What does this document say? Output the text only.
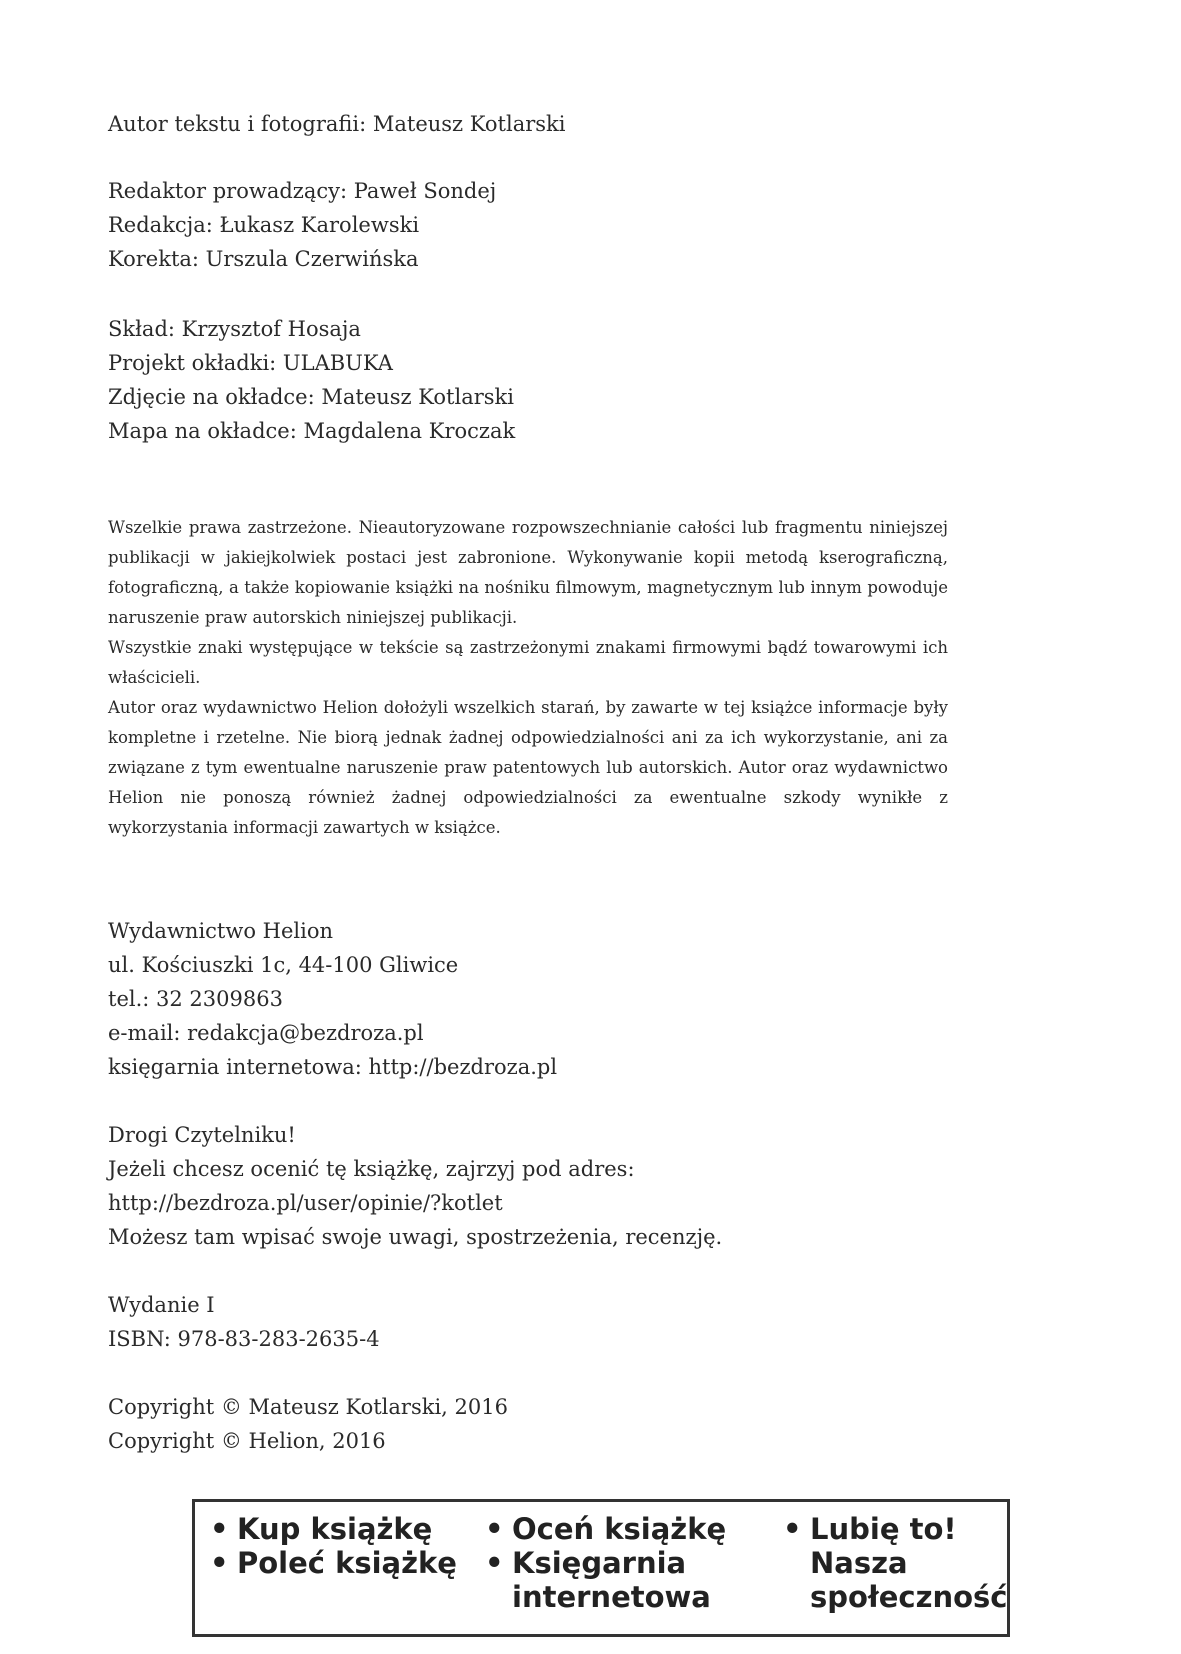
Autor tekstu i fotografii: Mateusz Kotlarski
Redaktor prowadzący: Paweł Sondej
Redakcja: Łukasz Karolewski
Korekta: Urszula Czerwińska
Skład: Krzysztof Hosaja
Projekt okładki: ULABUKA
Zdjęcie na okładce: Mateusz Kotlarski
Mapa na okładce: Magdalena Kroczak

Wszelkie prawa zastrzeżone. Nieautoryzowane rozpowszechnianie całości lub fragmentu niniejszej publikacji w jakiejkolwiek postaci jest zabronione. Wykonywanie kopii metodą kserograficzną, fotograficzną, a także kopiowanie książki na nośniku filmowym, magnetycznym lub innym powoduje naruszenie praw autorskich niniejszej publikacji.

Wszystkie znaki występujące w tekście są zastrzeżonymi znakami firmowymi bądź towarowymi ich właścicieli.

Autor oraz wydawnictwo Helion dołożyli wszelkich starań, by zawarte w tej książce informacje były kompletne i rzetelne. Nie biorą jednak żadnej odpowiedzialności ani za ich wykorzystanie, ani za związane z tym ewentualne naruszenie praw patentowych lub autorskich. Autor oraz wydawnictwo Helion nie ponoszą również żadnej odpowiedzialności za ewentualne szkody wynikłe z wykorzystania informacji zawartych w książce.

Wydawnictwo Helion
ul. Kościuszki 1c, 44-100 Gliwice
tel.: 32 2309863
e-mail: redakcja@bezdroza.pl
księgarnia internetowa: http://bezdroza.pl
Drogi Czytelniku!
Jeżeli chcesz ocenić tę książkę, zajrzyj pod adres:
http://bezdroza.pl/user/opinie/?kotlet
Możesz tam wpisać swoje uwagi, spostrzeżenia, recenzję.
Wydanie I
ISBN: 978-83-283-2635-4
Copyright © Mateusz Kotlarski, 2016
Copyright © Helion, 2016
• Kup książkę
• Poleć książkę
• Oceń książkę
• Księgarnia internetowa
• Lubię to! Nasza społeczność
